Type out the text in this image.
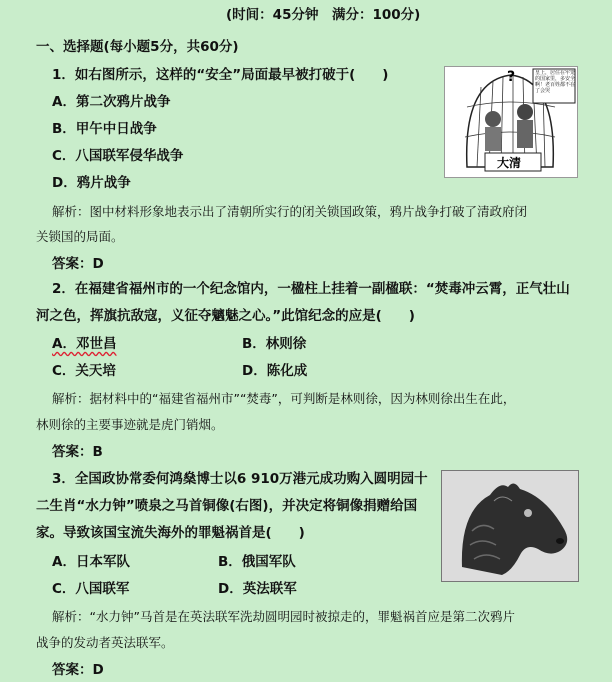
(时间：45分钟　满分：100分)
一、选择题(每小题5分，共60分)
1．如右图所示，这样的“安全”局面最早被打破于(　　)
A．第二次鸦片战争
B．甲午中日战争
C．八国联军侵华战争
D．鸦片战争
解析：图中材料形象地表示出了清朝所实行的闭关锁国政策，鸦片战争打破了清政府闭
关锁国的局面。
答案：D
?
大清
皇上，居住在牢笼的国家里，多安全啊！老百姓都不在了会哭
2．在福建省福州市的一个纪念馆内，一楹柱上挂着一副楹联：“焚毒冲云霄，正气壮山
河之色，挥旗抗敌寇，义征夺魑魅之心。”此馆纪念的应是(　　)
A．邓世昌	B．林则徐
C．关天培	D．陈化成
解析：据材料中的“福建省福州市”“焚毒”，可判断是林则徐，因为林则徐出生在此，
林则徐的主要事迹就是虎门销烟。
答案：B
3．全国政协常委何鸿燊博士以6 910万港元成功购入圆明园十
二生肖“水力钟”喷泉之马首铜像(右图)，并决定将铜像捐赠给国
家。导致该国宝流失海外的罪魁祸首是(　　)
A．日本军队	B．俄国军队
C．八国联军	D．英法联军
解析：“水力钟”马首是在英法联军洗劫圆明园时被掠走的，罪魁祸首应是第二次鸦片
战争的发动者英法联军。
答案：D
